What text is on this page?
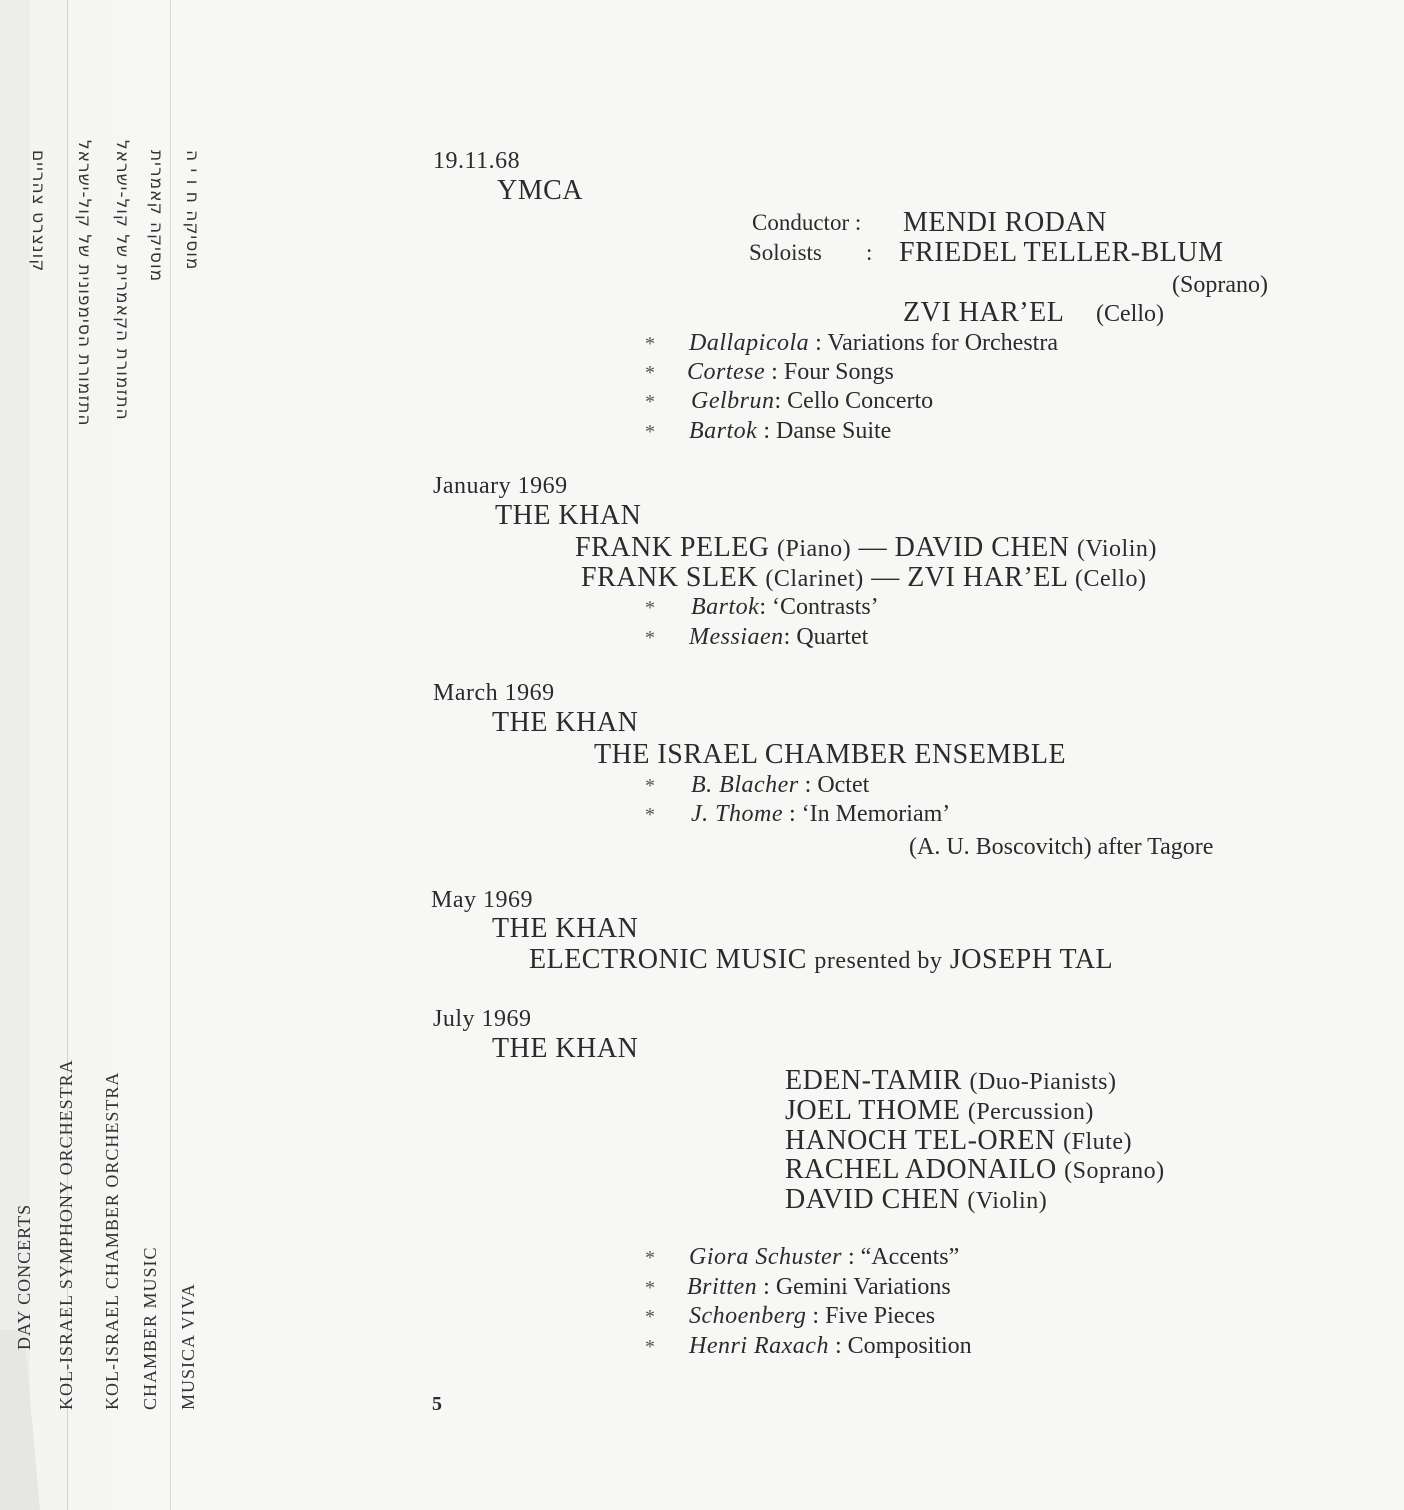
קונצרט צהריים התזמורת הסימפונית של קול-ישראל התזמורת הקאמרית של קול-ישראל מוסיקה קאמרית מוסיקה ח ו י ה
DAY CONCERTS KOL-ISRAEL SYMPHONY ORCHESTRA KOL-ISRAEL CHAMBER ORCHESTRA CHAMBER MUSIC MUSICA VIVA
19.11.68
YMCA
Conductor : MENDI RODAN
Soloists : FRIEDEL TELLER-BLUM
(Soprano)
ZVI HAR’EL (Cello)
* Dallapicola : Variations for Orchestra
* Cortese : Four Songs
* Gelbrun: Cello Concerto
* Bartok : Danse Suite
January 1969
THE KHAN
FRANK PELEG (Piano) — DAVID CHEN (Violin)
FRANK SLEK (Clarinet) — ZVI HAR’EL (Cello)
* Bartok: ‘Contrasts’
* Messiaen: Quartet
March 1969
THE KHAN
THE ISRAEL CHAMBER ENSEMBLE
* B. Blacher : Octet
* J. Thome : ‘In Memoriam’
(A. U. Boscovitch) after Tagore
May 1969
THE KHAN
ELECTRONIC MUSIC presented by JOSEPH TAL
July 1969
THE KHAN
EDEN-TAMIR (Duo-Pianists)
JOEL THOME (Percussion)
HANOCH TEL-OREN (Flute)
RACHEL ADONAILO (Soprano)
DAVID CHEN (Violin)
* Giora Schuster : “Accents”
* Britten : Gemini Variations
* Schoenberg : Five Pieces
* Henri Raxach : Composition
5
